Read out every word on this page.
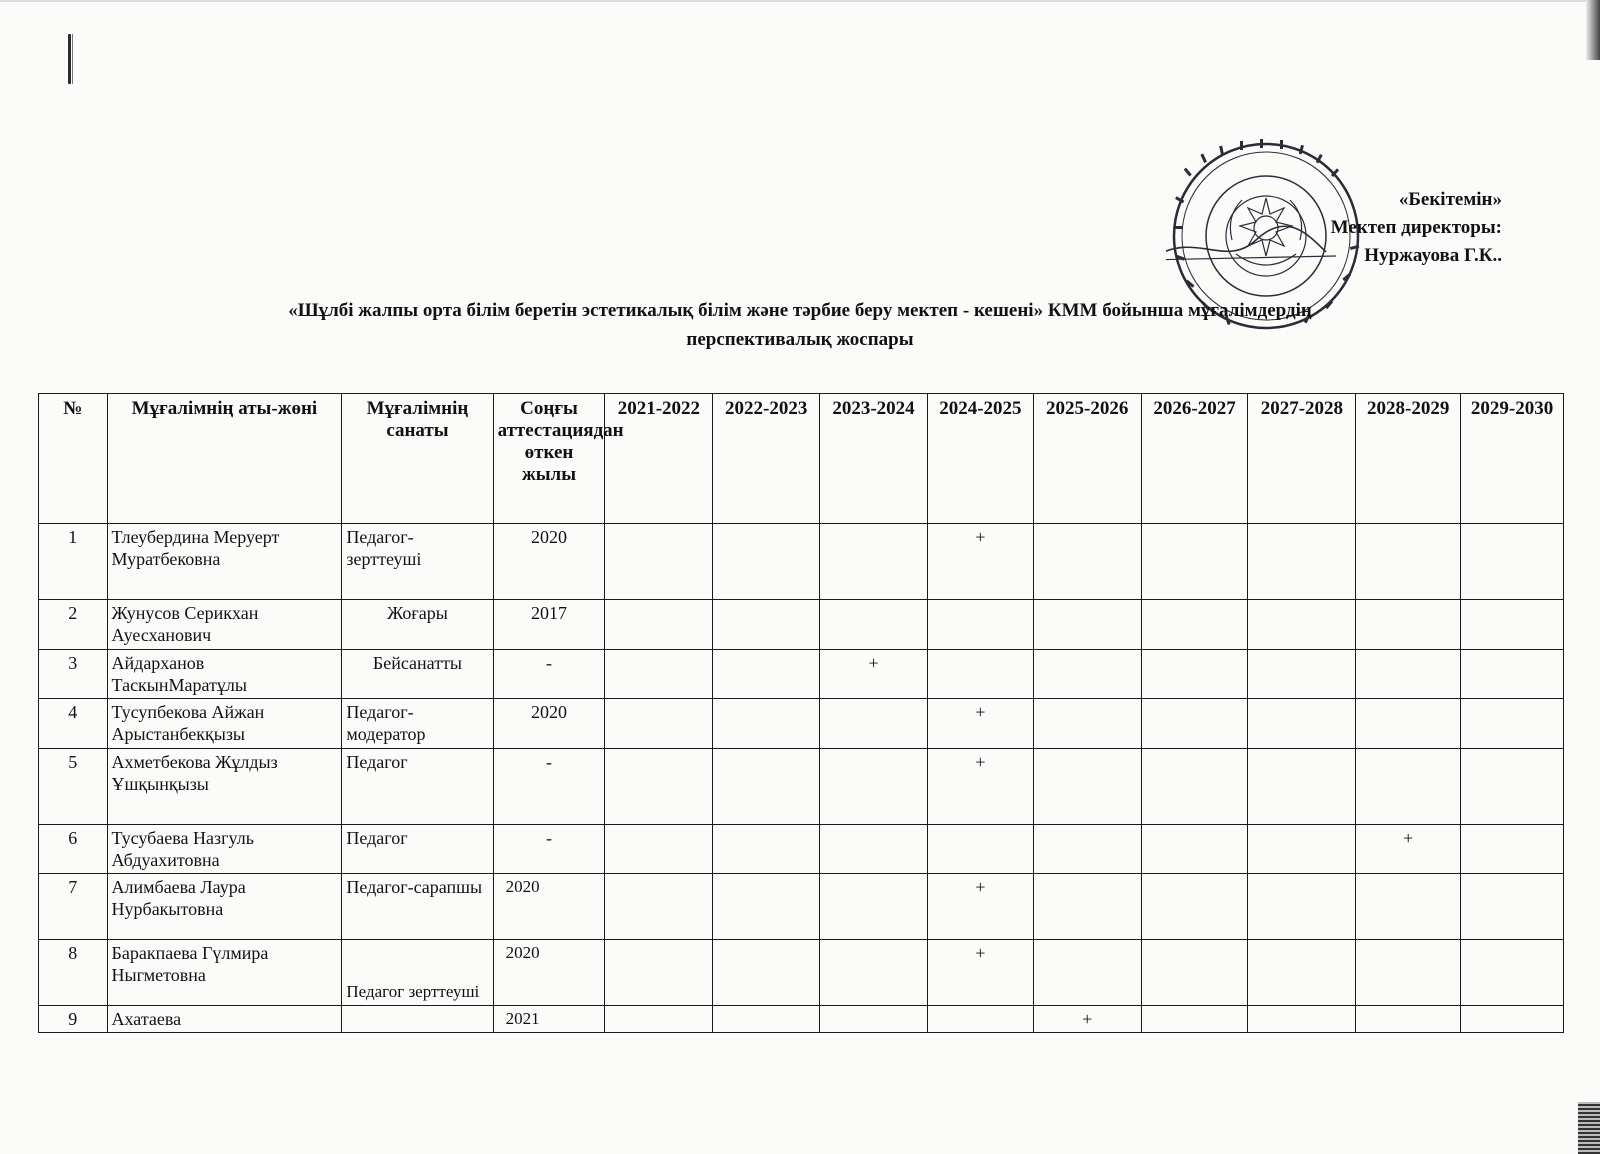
«Бекітемін»
Мектеп директоры:
Нуржауова Г.К..
«Шұлбі жалпы орта білім беретін эстетикалық білім және тәрбие беру мектеп - кешені» КММ бойынша мұғалімдердің
перспективалық жоспары
№	Мұғалімнің аты-жөні	Мұғалімнің санаты	Соңғы аттестациядан өткен жылы	2021-2022	2022-2023	2023-2024	2024-2025	2025-2026	2026-2027	2027-2028	2028-2029	2029-2030
1	Тлеубердина Меруерт Муратбековна	Педагог-зерттеуші	2020				+					
2	Жунусов Серикхан Ауесханович	Жоғары	2017									
3	Айдарханов ТаскынМаратұлы	Бейсанатты	-			+						
4	Тусупбекова Айжан Арыстанбекқызы	Педагог-модератор	2020				+					
5	Ахметбекова Жұлдыз Ұшқынқызы	Педагог	-				+					
6	Тусубаева Назгуль Абдуахитовна	Педагог	-								+	
7	Алимбаева Лаура Нурбакытовна	Педагог-сарапшы	2020				+					
8	Баракпаева Гүлмира Ныгметовна	Педагог зерттеуші	2020				+					
9	Ахатаева		2021					+				
